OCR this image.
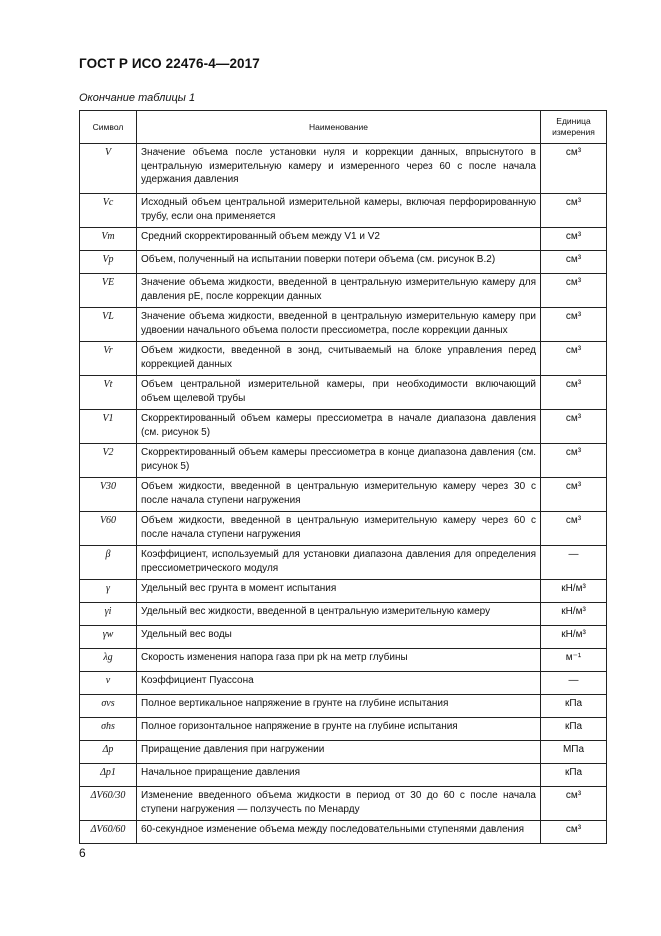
ГОСТ Р ИСО 22476-4—2017
Окончание таблицы 1
Символ	Наименование	Единица измерения
V	Значение объема после установки нуля и коррекции данных, впрыснутого в центральную измерительную камеру и измеренного через 60 с после начала удержания давления	см³
Vc	Исходный объем центральной измерительной камеры, включая перфорированную трубу, если она применяется	см³
Vm	Средний скорректированный объем между V1 и V2	см³
Vp	Объем, полученный на испытании поверки потери объема (см. рисунок B.2)	см³
VE	Значение объема жидкости, введенной в центральную измерительную камеру для давления pE, после коррекции данных	см³
VL	Значение объема жидкости, введенной в центральную измерительную камеру при удвоении начального объема полости прессиометра, после коррекции данных	см³
Vr	Объем жидкости, введенной в зонд, считываемый на блоке управления перед коррекцией данных	см³
Vt	Объем центральной измерительной камеры, при необходимости включающий объем щелевой трубы	см³
V1	Скорректированный объем камеры прессиометра в начале диапазона давления (см. рисунок 5)	см³
V2	Скорректированный объем камеры прессиометра в конце диапазона давления (см. рисунок 5)	см³
V30	Объем жидкости, введенной в центральную измерительную камеру через 30 с после начала ступени нагружения	см³
V60	Объем жидкости, введенной в центральную измерительную камеру через 60 с после начала ступени нагружения	см³
β	Коэффициент, используемый для установки диапазона давления для определения прессиометрического модуля	—
γ	Удельный вес грунта в момент испытания	кН/м³
γi	Удельный вес жидкости, введенной в центральную измерительную камеру	кН/м³
γw	Удельный вес воды	кН/м³
λg	Скорость изменения напора газа при pk на метр глубины	м⁻¹
ν	Коэффициент Пуассона	—
σvs	Полное вертикальное напряжение в грунте на глубине испытания	кПа
σhs	Полное горизонтальное напряжение в грунте на глубине испытания	кПа
Δp	Приращение давления при нагружении	МПа
Δp1	Начальное приращение давления	кПа
ΔV60/30	Изменение введенного объема жидкости в период от 30 до 60 с после начала ступени нагружения — ползучесть по Менарду	см³
ΔV60/60	60-секундное изменение объема между последовательными ступенями давления	см³
6
